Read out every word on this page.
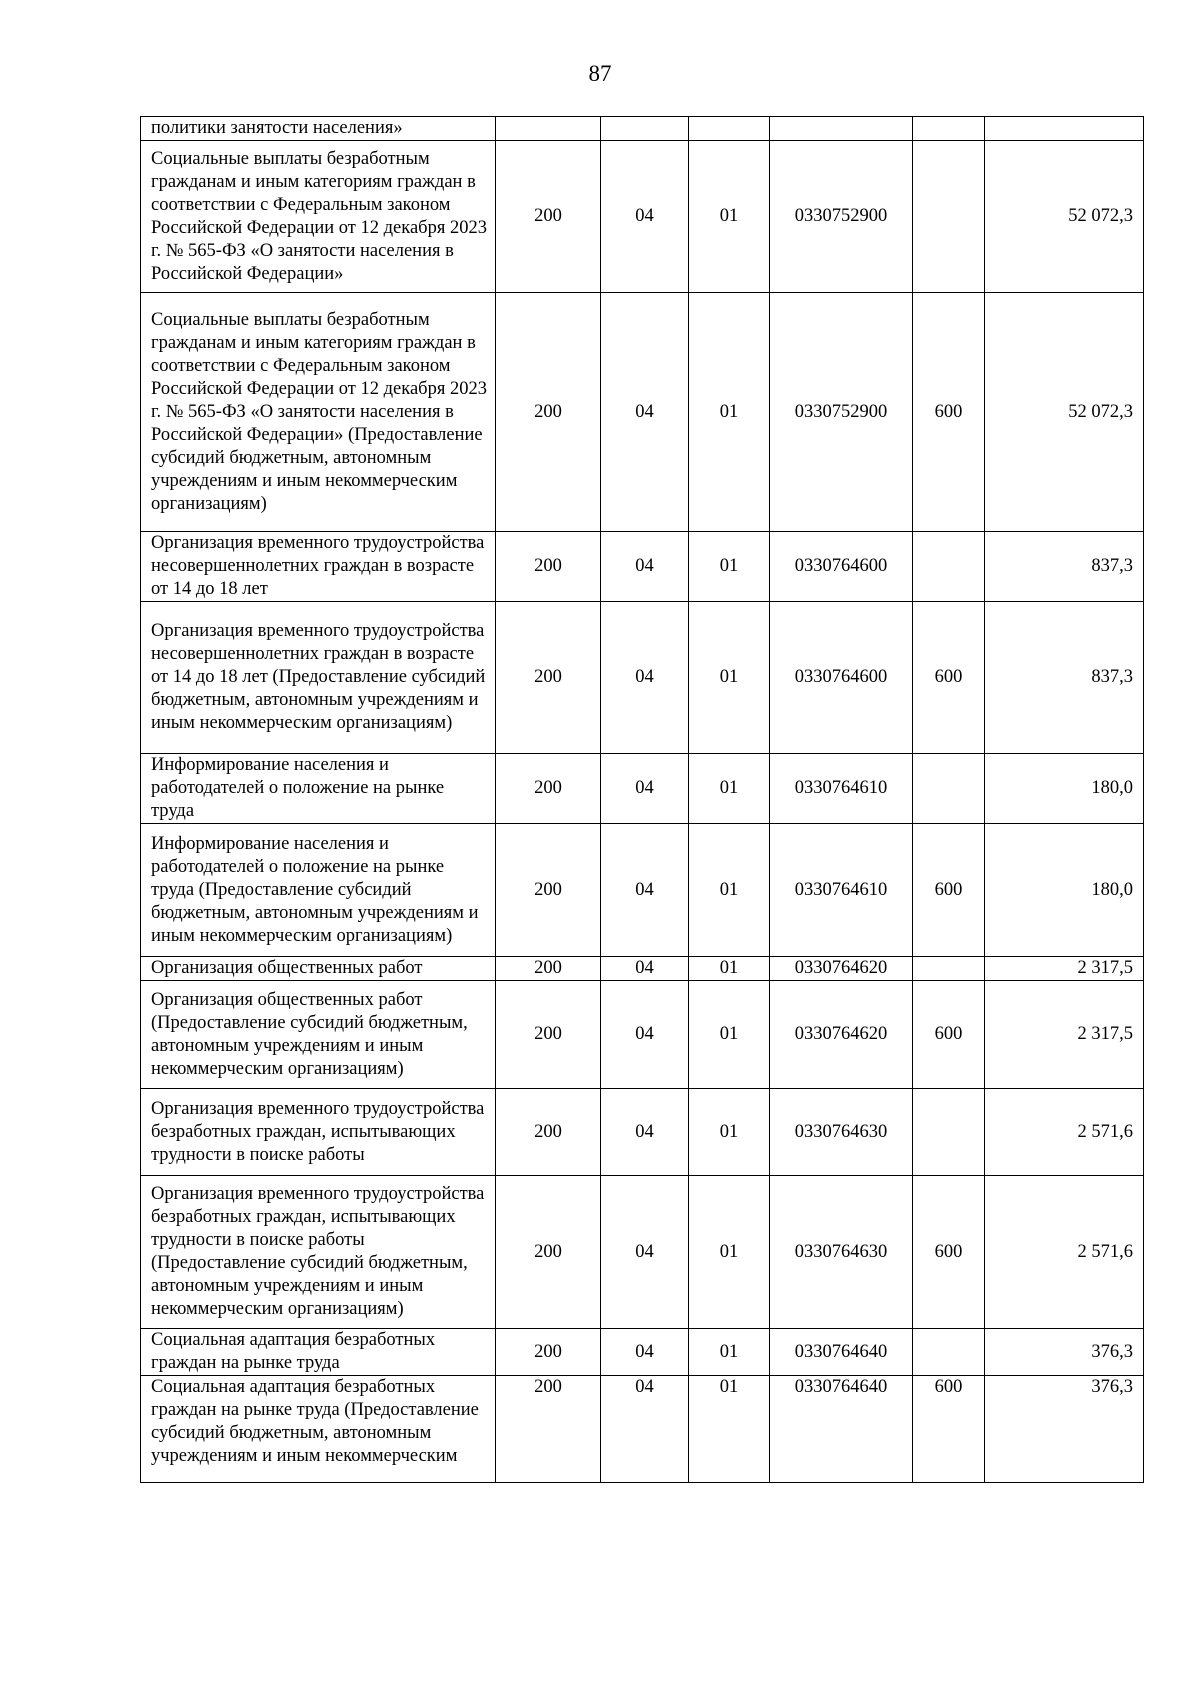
87
политики занятости населения»						
Социальные выплаты безработным гражданам и иным категориям граждан в соответствии с Федеральным законом Российской Федерации от 12 декабря 2023 г. № 565-ФЗ «О занятости населения в Российской Федерации»	200	04	01	0330752900		52 072,3
Социальные выплаты безработным гражданам и иным категориям граждан в соответствии с Федеральным законом Российской Федерации от 12 декабря 2023 г. № 565-ФЗ «О занятости населения в Российской Федерации» (Предоставление субсидий бюджетным, автономным учреждениям и иным некоммерческим организациям)	200	04	01	0330752900	600	52 072,3
Организация временного трудоустройства несовершеннолетних граждан в возрасте от 14 до 18 лет	200	04	01	0330764600		837,3
Организация временного трудоустройства несовершеннолетних граждан в возрасте от 14 до 18 лет (Предоставление субсидий бюджетным, автономным учреждениям и иным некоммерческим организациям)	200	04	01	0330764600	600	837,3
Информирование населения и работодателей о положение на рынке труда	200	04	01	0330764610		180,0
Информирование населения и работодателей о положение на рынке труда (Предоставление субсидий бюджетным, автономным учреждениям и иным некоммерческим организациям)	200	04	01	0330764610	600	180,0
Организация общественных работ	200	04	01	0330764620		2 317,5
Организация общественных работ (Предоставление субсидий бюджетным, автономным учреждениям и иным некоммерческим организациям)	200	04	01	0330764620	600	2 317,5
Организация временного трудоустройства безработных граждан, испытывающих трудности в поиске работы	200	04	01	0330764630		2 571,6
Организация временного трудоустройства безработных граждан, испытывающих трудности в поиске работы (Предоставление субсидий бюджетным, автономным учреждениям и иным некоммерческим организациям)	200	04	01	0330764630	600	2 571,6
Социальная адаптация безработных граждан на рынке труда	200	04	01	0330764640		376,3
Социальная адаптация безработных граждан на рынке труда (Предоставление субсидий бюджетным, автономным учреждениям и иным некоммерческим	200	04	01	0330764640	600	376,3
